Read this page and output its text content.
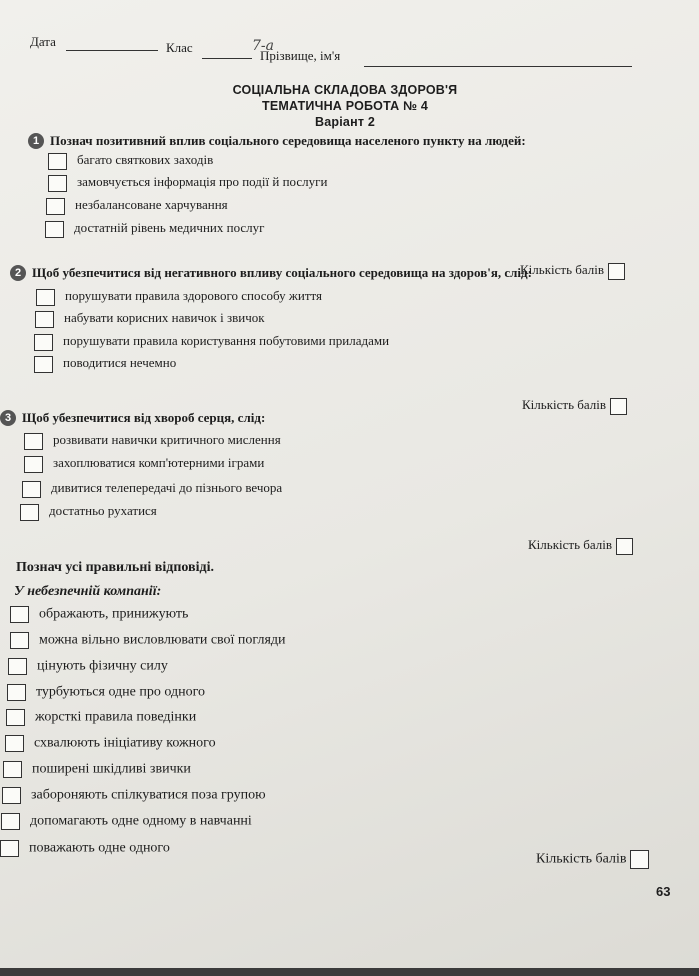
Дата	Клас	7-а
Прізвище, ім'я
СОЦІАЛЬНА СКЛАДОВА ЗДОРОВ'Я
ТЕМАТИЧНА РОБОТА № 4
Варіант 2
1 Познач позитивний вплив соціального середовища населеного пункту на людей:
багато святкових заходів
замовчується інформація про події й послуги
незбалансоване харчування
достатній рівень медичних послуг
Кількість балів
2 Щоб убезпечитися від негативного впливу соціального середовища на здоров'я, слід:
порушувати правила здорового способу життя
набувати корисних навичок і звичок
порушувати правила користування побутовими приладами
поводитися нечемно
Кількість балів
3 Щоб убезпечитися від хвороб серця, слід:
розвивати навички критичного мислення
захоплюватися комп'ютерними іграми
дивитися телепередачі до пізнього вечора
достатньо рухатися
Кількість балів
Познач усі правильні відповіді.
У небезпечній компанії:
ображають, принижують
можна вільно висловлювати свої погляди
цінують фізичну силу
турбуються одне про одного
жорсткі правила поведінки
схвалюють ініціативу кожного
поширені шкідливі звички
забороняють спілкуватися поза групою
допомагають одне одному в навчанні
поважають одне одного
Кількість балів
63
